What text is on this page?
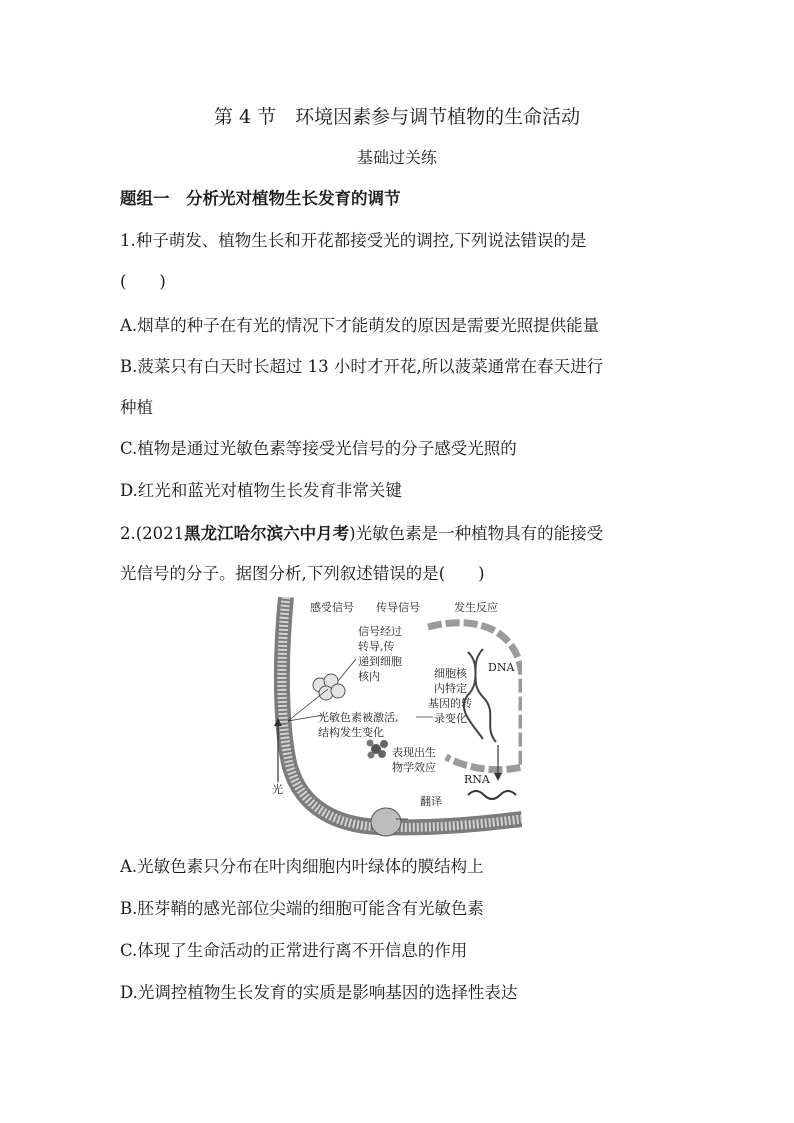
第 4 节　环境因素参与调节植物的生命活动
基础过关练
题组一　分析光对植物生长发育的调节
1.种子萌发、植物生长和开花都接受光的调控,下列说法错误的是
(　　)
A.烟草的种子在有光的情况下才能萌发的原因是需要光照提供能量
B.菠菜只有白天时长超过 13 小时才开花,所以菠菜通常在春天进行
种植
C.植物是通过光敏色素等接受光信号的分子感受光照的
D.红光和蓝光对植物生长发育非常关键
2.(2021黑龙江哈尔滨六中月考)光敏色素是一种植物具有的能接受
光信号的分子。据图分析,下列叙述错误的是(　　)
感受信号 传导信号	发生反应
信号经过
转导,传
递到细胞
核内	细胞核
内特定
基因的转
录变化
光敏色素被激活,
结构发生变化
表现出生
物学效应
光
DNA
RNA
翻译
A.光敏色素只分布在叶肉细胞内叶绿体的膜结构上
B.胚芽鞘的感光部位尖端的细胞可能含有光敏色素
C.体现了生命活动的正常进行离不开信息的作用
D.光调控植物生长发育的实质是影响基因的选择性表达
